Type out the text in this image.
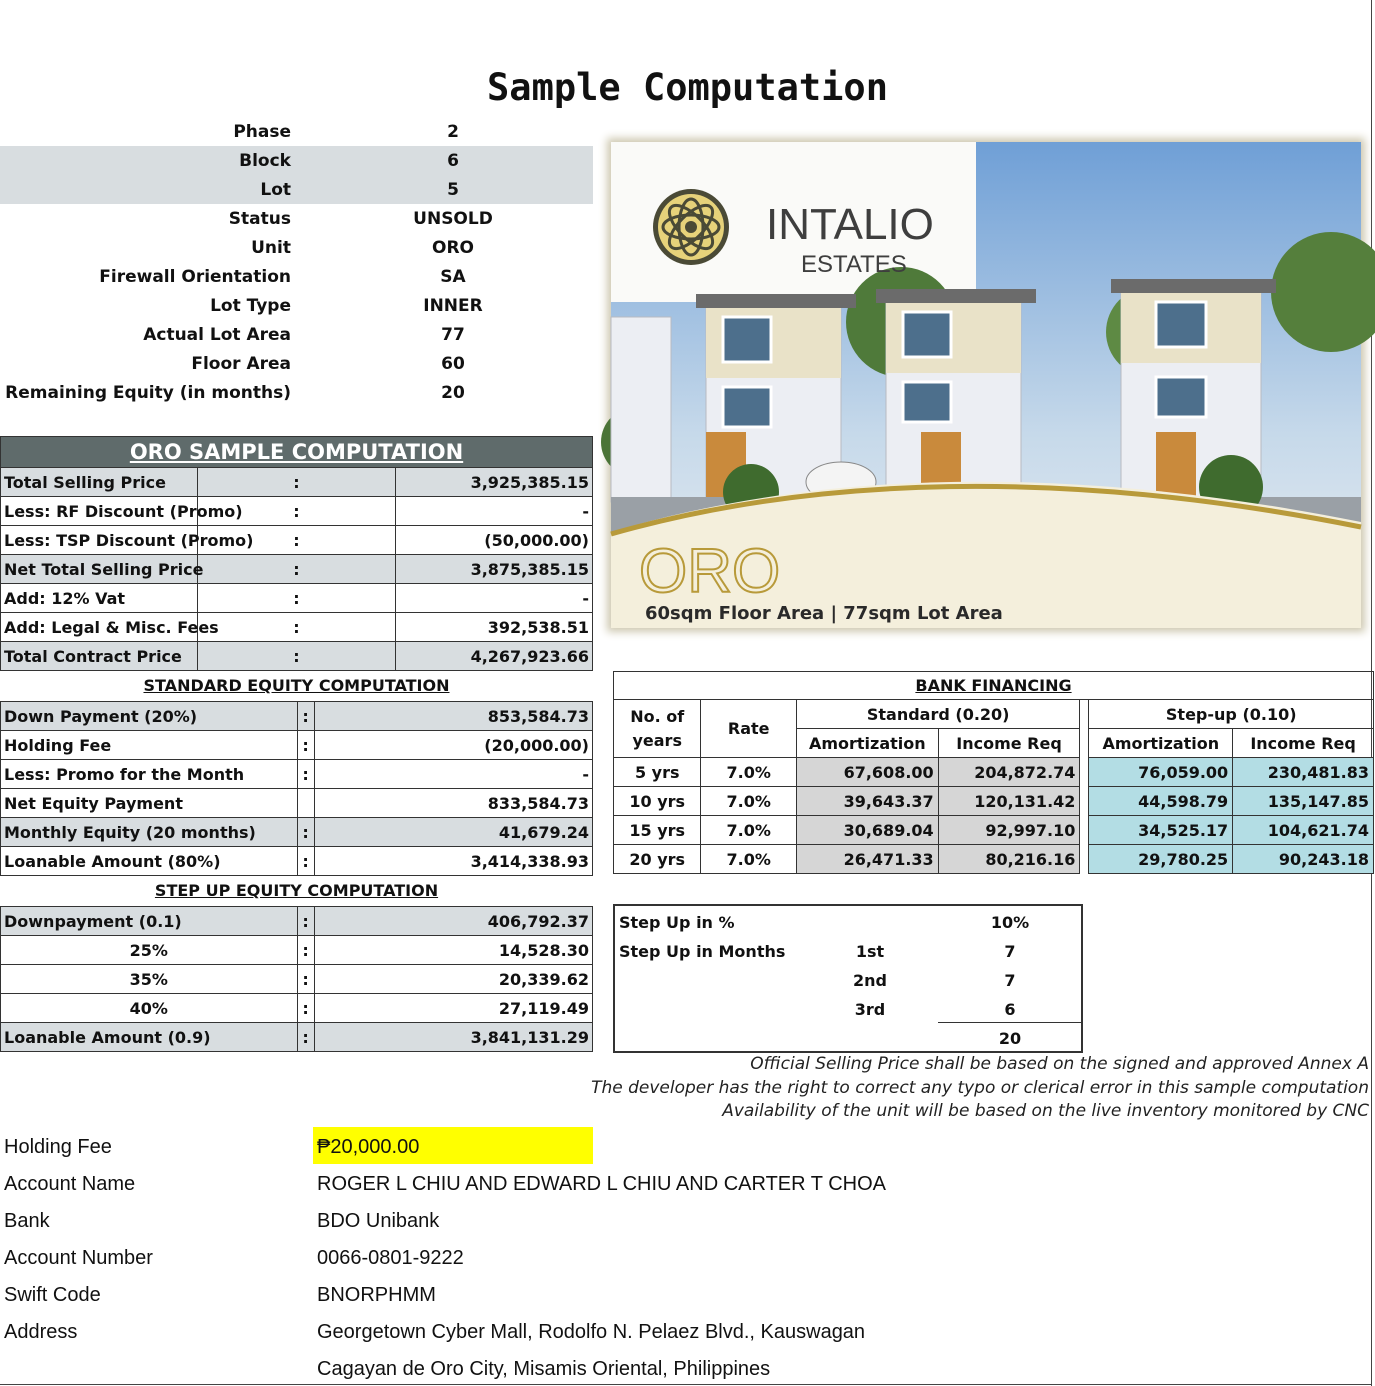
Sample Computation
Phase	2
Block	6
Lot	5
Status	UNSOLD
Unit	ORO
Firewall Orientation	SA
Lot Type	INNER
Actual Lot Area	77
Floor Area	60
Remaining Equity (in months)	20
INTALIO
ESTATES
ORO
60sqm Floor Area | 77sqm Lot Area
ORO SAMPLE COMPUTATION		
Total Selling Price	:	3,925,385.15
Less: RF Discount (Promo)	:	-
Less: TSP Discount (Promo)	:	(50,000.00)
Net Total Selling Price	:	3,875,385.15
Add: 12% Vat	:	-
Add: Legal & Misc. Fees	:	392,538.51
Total Contract Price	:	4,267,923.66
STANDARD EQUITY COMPUTATION
Down Payment (20%)	:	853,584.73
Holding Fee	:	(20,000.00)
Less: Promo for the Month	:	-
Net Equity Payment		833,584.73
Monthly Equity (20 months)	:	41,679.24
Loanable Amount (80%)	:	3,414,338.93
STEP UP EQUITY COMPUTATION
Downpayment (0.1)	:	406,792.37
25%	:	14,528.30
35%	:	20,339.62
40%	:	27,119.49
Loanable Amount (0.9)	:	3,841,131.29
BANK FINANCING						
No. of years	Rate	Standard (0.20)			Step-up (0.10)	
		Amortization	Income Req		Amortization	Income Req
5 yrs	7.0%	67,608.00	204,872.74		76,059.00	230,481.83
10 yrs	7.0%	39,643.37	120,131.42		44,598.79	135,147.85
15 yrs	7.0%	30,689.04	92,997.10		34,525.17	104,621.74
20 yrs	7.0%	26,471.33	80,216.16		29,780.25	90,243.18
Step Up in %	10%
Step Up in Months	1st	7
2nd	7
3rd	6
20
Official Selling Price shall be based on the signed and approved Annex A
The developer has the right to correct any typo or clerical error in this sample computation
Availability of the unit will be based on the live inventory monitored by CNC
Holding Fee	₱20,000.00
Account Name	ROGER L CHIU AND EDWARD L CHIU AND CARTER T CHOA
Bank	BDO Unibank
Account Number	0066-0801-9222
Swift Code	BNORPHMM
Address	Georgetown Cyber Mall, Rodolfo N. Pelaez Blvd., Kauswagan
Cagayan de Oro City, Misamis Oriental, Philippines
